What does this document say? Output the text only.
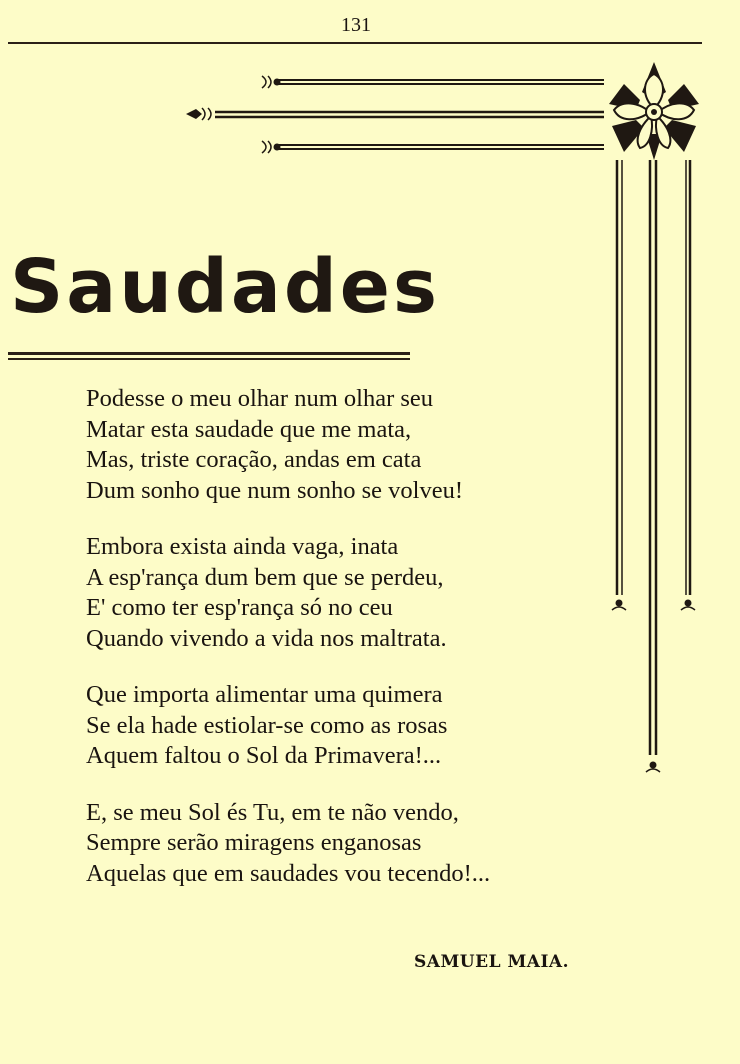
131
Saudades
Podesse o meu olhar num olhar seu
Matar esta saudade que me mata,
Mas, triste coração, andas em cata
Dum sonho que num sonho se volveu!
Embora exista ainda vaga, inata
A esp'rança dum bem que se perdeu,
E' como ter esp'rança só no ceu
Quando vivendo a vida nos maltrata.
Que importa alimentar uma quimera
Se ela hade estiolar-se como as rosas
Aquem faltou o Sol da Primavera!...
E, se meu Sol és Tu, em te não vendo,
Sempre serão miragens enganosas
Aquelas que em saudades vou tecendo!...
SAMUEL MAIA.
